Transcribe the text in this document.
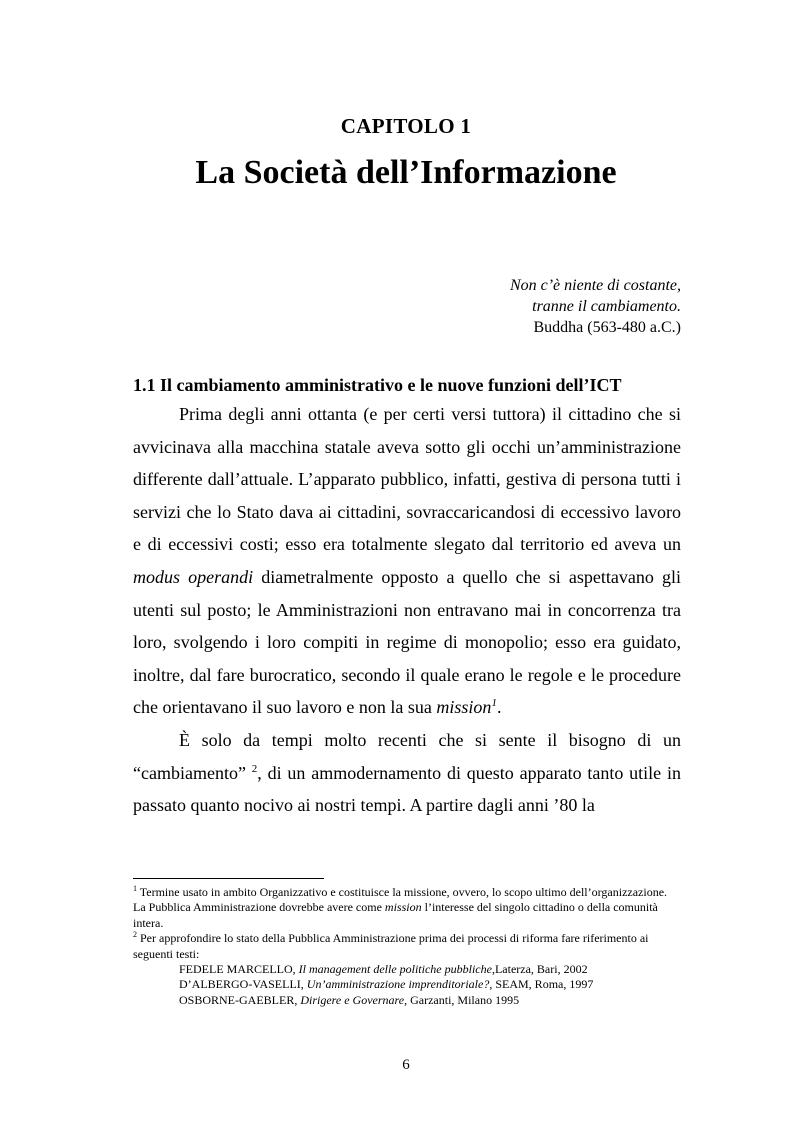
CAPITOLO 1
La Società dell’Informazione
Non c’è niente di costante,
tranne il cambiamento.
Buddha (563-480 a.C.)
1.1 Il cambiamento amministrativo e le nuove funzioni dell’ICT

Prima degli anni ottanta (e per certi versi tuttora) il cittadino che si avvicinava alla macchina statale aveva sotto gli occhi un’amministrazione differente dall’attuale. L’apparato pubblico, infatti, gestiva di persona tutti i servizi che lo Stato dava ai cittadini, sovraccaricandosi di eccessivo lavoro e di eccessivi costi; esso era totalmente slegato dal territorio ed aveva un modus operandi diametralmente opposto a quello che si aspettavano gli utenti sul posto; le Amministrazioni non entravano mai in concorrenza tra loro, svolgendo i loro compiti in regime di monopolio; esso era guidato, inoltre, dal fare burocratico, secondo il quale erano le regole e le procedure che orientavano il suo lavoro e non la sua mission$^1$.

È solo da tempi molto recenti che si sente il bisogno di un “cambiamento” $^2$, di un ammodernamento di questo apparato tanto utile in passato quanto nocivo ai nostri tempi. A partire dagli anni ’80 la

$^1$ Termine usato in ambito Organizzativo e costituisce la missione, ovvero, lo scopo ultimo dell’organizzazione. La Pubblica Amministrazione dovrebbe avere come mission l’interesse del singolo cittadino o della comunità intera.

$^2$ Per approfondire lo stato della Pubblica Amministrazione prima dei processi di riforma fare riferimento ai seguenti testi:

FEDELE MARCELLO, Il management delle politiche pubbliche,Laterza, Bari, 2002
D’ALBERGO-VASELLI, Un’amministrazione imprenditoriale?, SEAM, Roma, 1997
OSBORNE-GAEBLER, Dirigere e Governare, Garzanti, Milano 1995
6
